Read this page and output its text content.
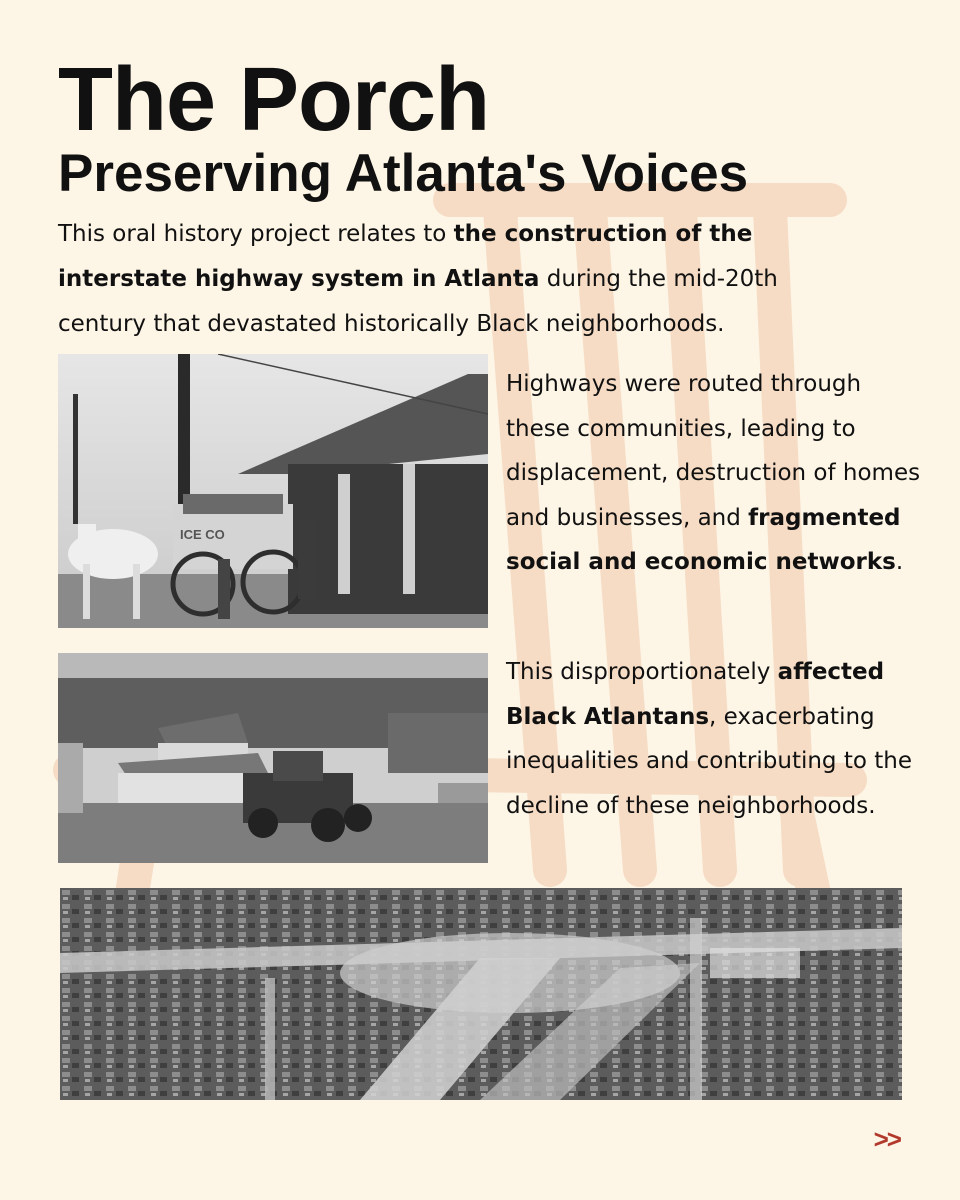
The Porch
Preserving Atlanta's Voices

This oral history project relates to the construction of the interstate highway system in Atlanta during the mid-20th century that devastated historically Black neighborhoods.

ICE CO

Highways were routed through these communities, leading to displacement, destruction of homes and businesses, and fragmented social and economic networks.

This disproportionately affected Black Atlantans, exacerbating inequalities and contributing to the decline of these neighborhoods.

>>
